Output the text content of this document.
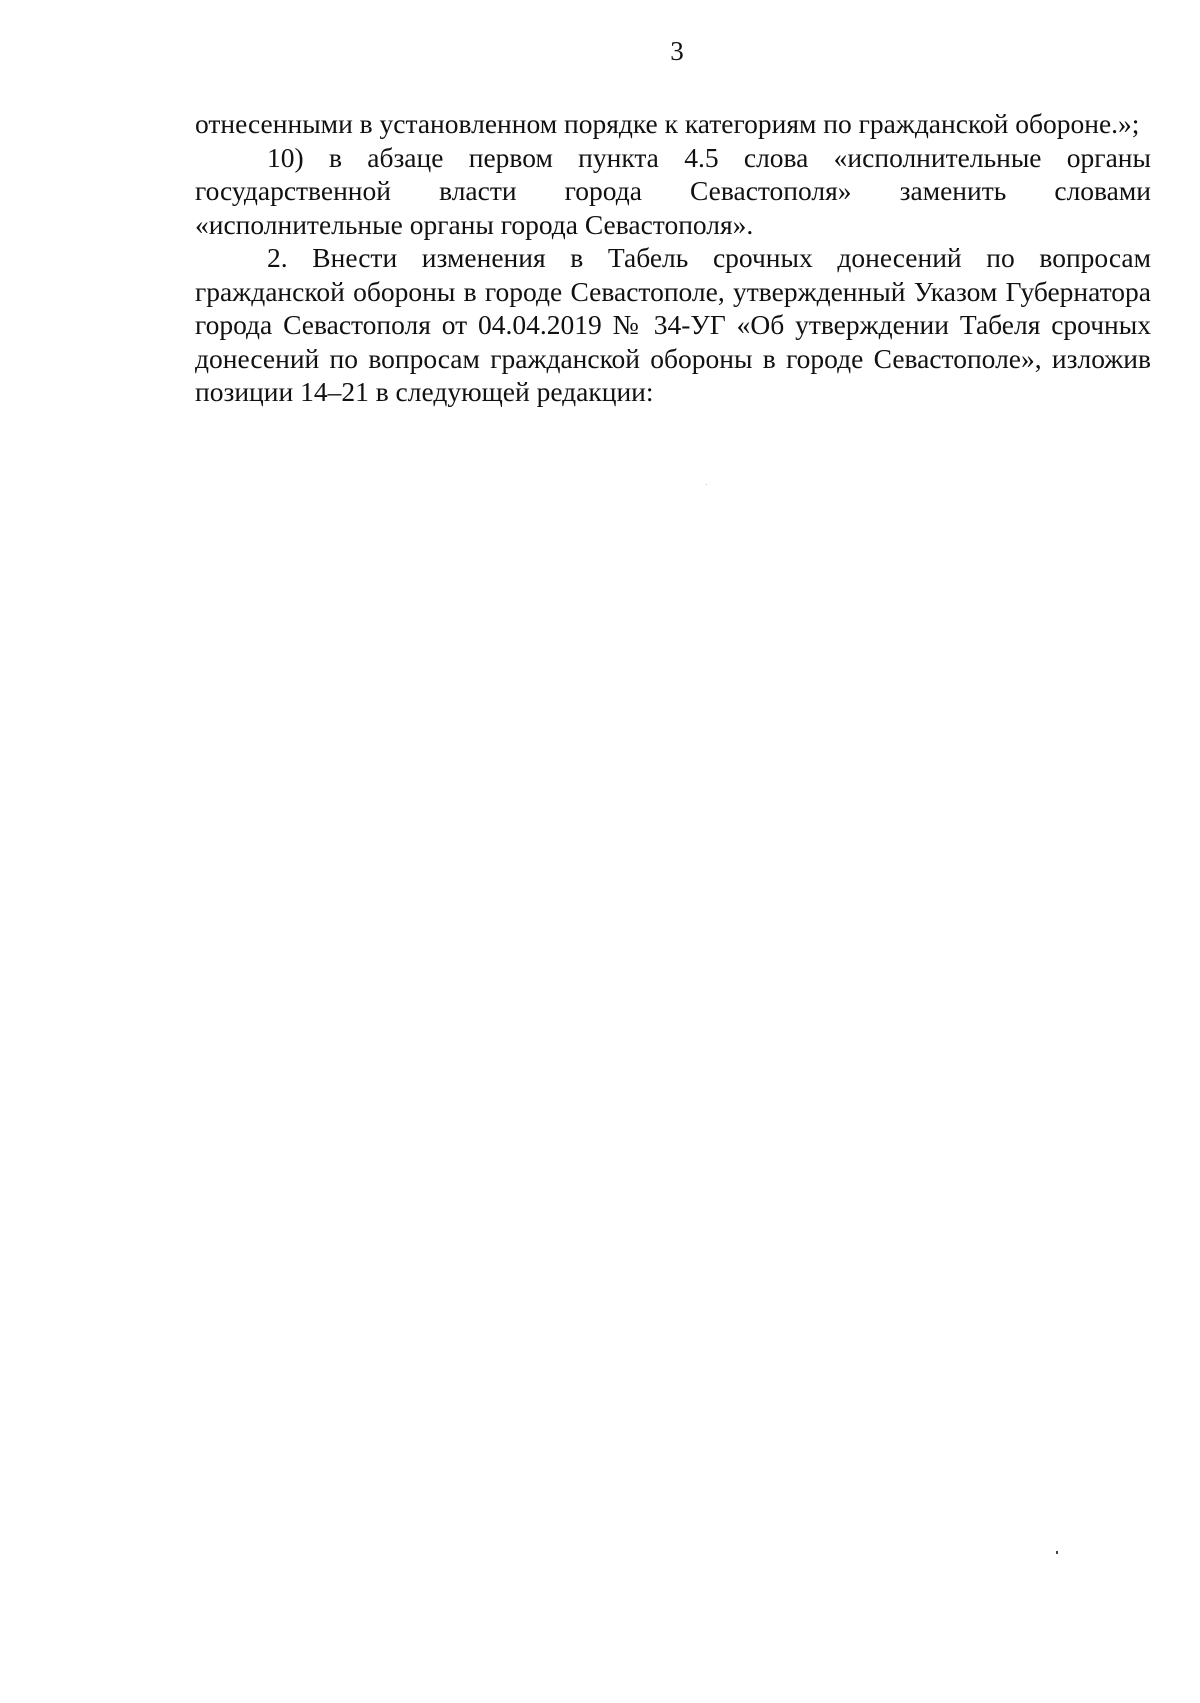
3

отнесенными в установленном порядке к категориям по гражданской обороне.»;

10) в абзаце первом пункта 4.5 слова «исполнительные органы государственной власти города Севастополя» заменить словами «исполнительные органы города Севастополя».

2. Внести изменения в Табель срочных донесений по вопросам гражданской обороны в городе Севастополе, утвержденный Указом Губернатора города Севастополя от 04.04.2019 № 34-УГ «Об утверждении Табеля срочных донесений по вопросам гражданской обороны в городе Севастополе», изложив позиции 14–21 в следующей редакции:
